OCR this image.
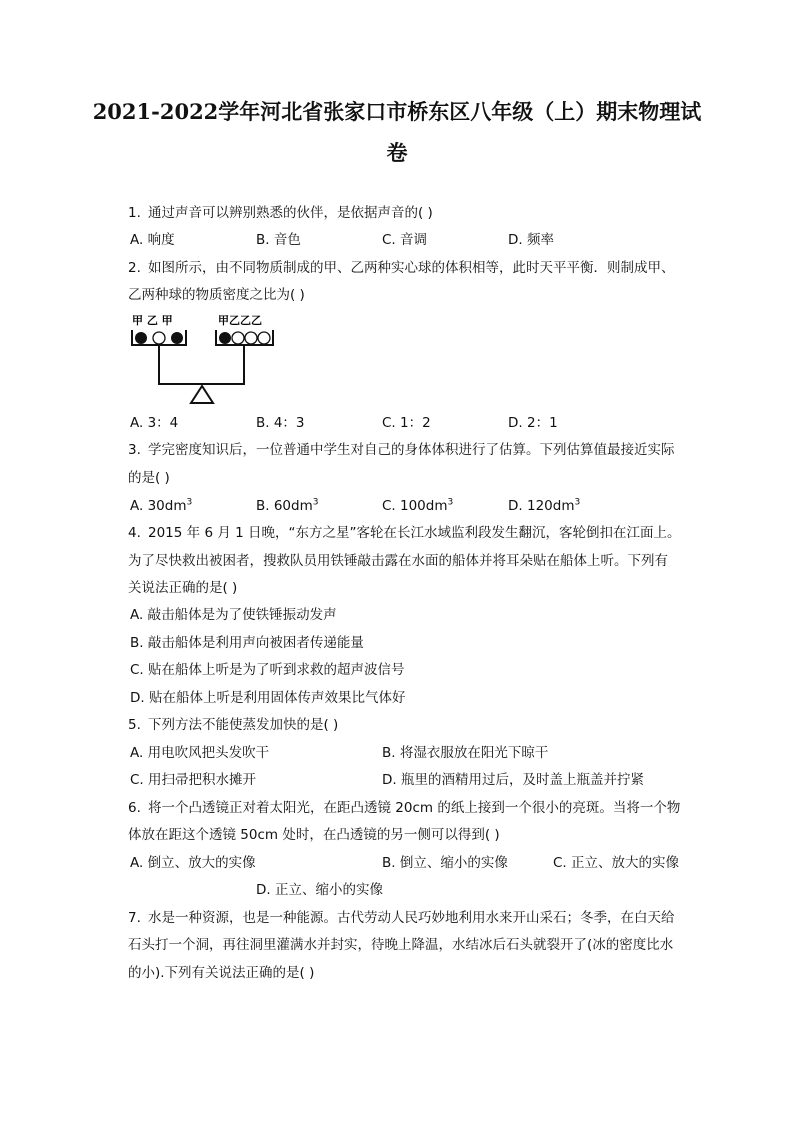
2021-2022学年河北省张家口市桥东区八年级（上）期末物理试
卷
1. 通过声音可以辨别熟悉的伙伴，是依据声音的( )
A. 响度	B. 音色	C. 音调	D. 频率
2. 如图所示，由不同物质制成的甲、乙两种实心球的体积相等，此时天平平衡．则制成甲、
乙两种球的物质密度之比为( )
甲 乙 甲	甲乙乙乙
A. 3：4	B. 4：3	C. 1：2	D. 2：1
3. 学完密度知识后，一位普通中学生对自己的身体体积进行了估算。下列估算值最接近实际
的是( )
A. $30dm^3$	B. $60dm^3$	C. $100dm^3$	D. $120dm^3$
4. 2015 年 6 月 1 日晚，“东方之星”客轮在长江水域监利段发生翻沉，客轮倒扣在江面上。
为了尽快救出被困者，搜救队员用铁锤敲击露在水面的船体并将耳朵贴在船体上听。下列有
关说法正确的是( )
A. 敲击船体是为了使铁锤振动发声
B. 敲击船体是利用声向被困者传递能量
C. 贴在船体上听是为了听到求救的超声波信号
D. 贴在船体上听是利用固体传声效果比气体好
5. 下列方法不能使蒸发加快的是( )
A. 用电吹风把头发吹干	B. 将湿衣服放在阳光下晾干
C. 用扫帚把积水摊开	D. 瓶里的酒精用过后，及时盖上瓶盖并拧紧
6. 将一个凸透镜正对着太阳光，在距凸透镜 20cm 的纸上接到一个很小的亮斑。当将一个物
体放在距这个透镜 50cm 处时，在凸透镜的另一侧可以得到( )
A. 倒立、放大的实像	B. 倒立、缩小的实像	C. 正立、放大的实像
D. 正立、缩小的实像
7. 水是一种资源，也是一种能源。古代劳动人民巧妙地利用水来开山采石；冬季，在白天给
石头打一个洞，再往洞里灌满水并封实，待晚上降温，水结冰后石头就裂开了(冰的密度比水
的小).下列有关说法正确的是( )
